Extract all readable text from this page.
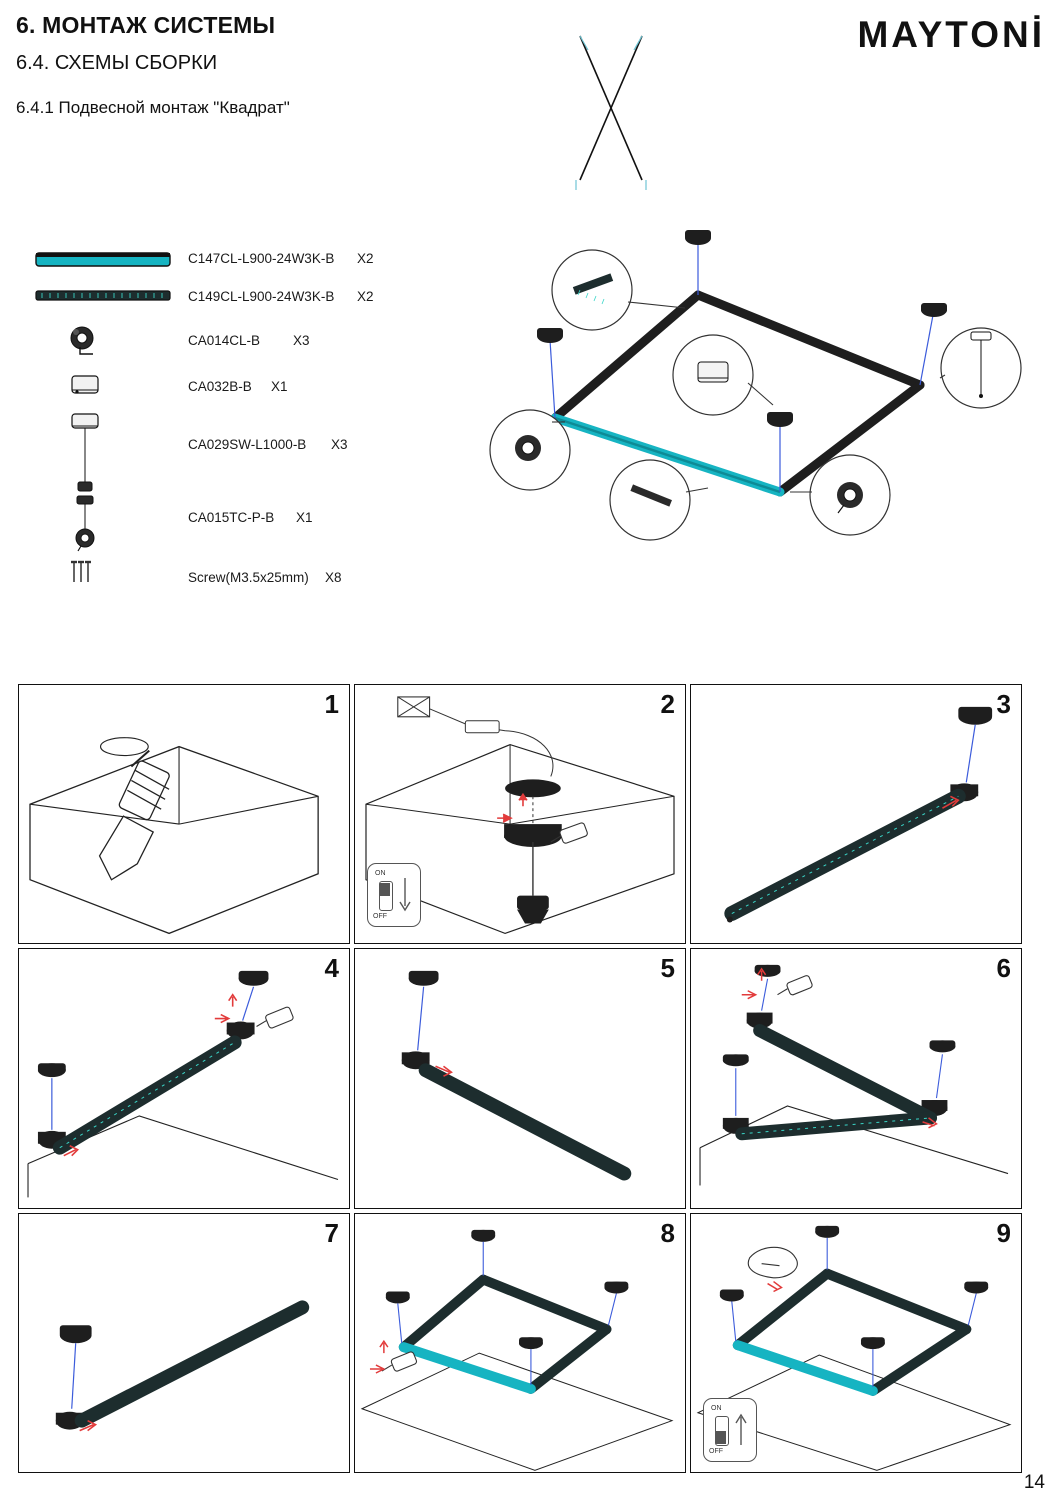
6. МОНТАЖ СИСТЕМЫ
6.4. СХЕМЫ СБОРКИ
6.4.1 Подвесной монтаж "Квадрат"
MAYTONİ
14
C147CL-L900-24W3K-B X2
C149CL-L900-24W3K-B X2
CA014CL-B X3
CA032B-B X1
CA029SW-L1000-B X3
CA015TC-P-B X1
Screw(M3.5x25mm) X8
1	2
ON
OFF
3
4	5	6
7	8	9
ON
OFF
